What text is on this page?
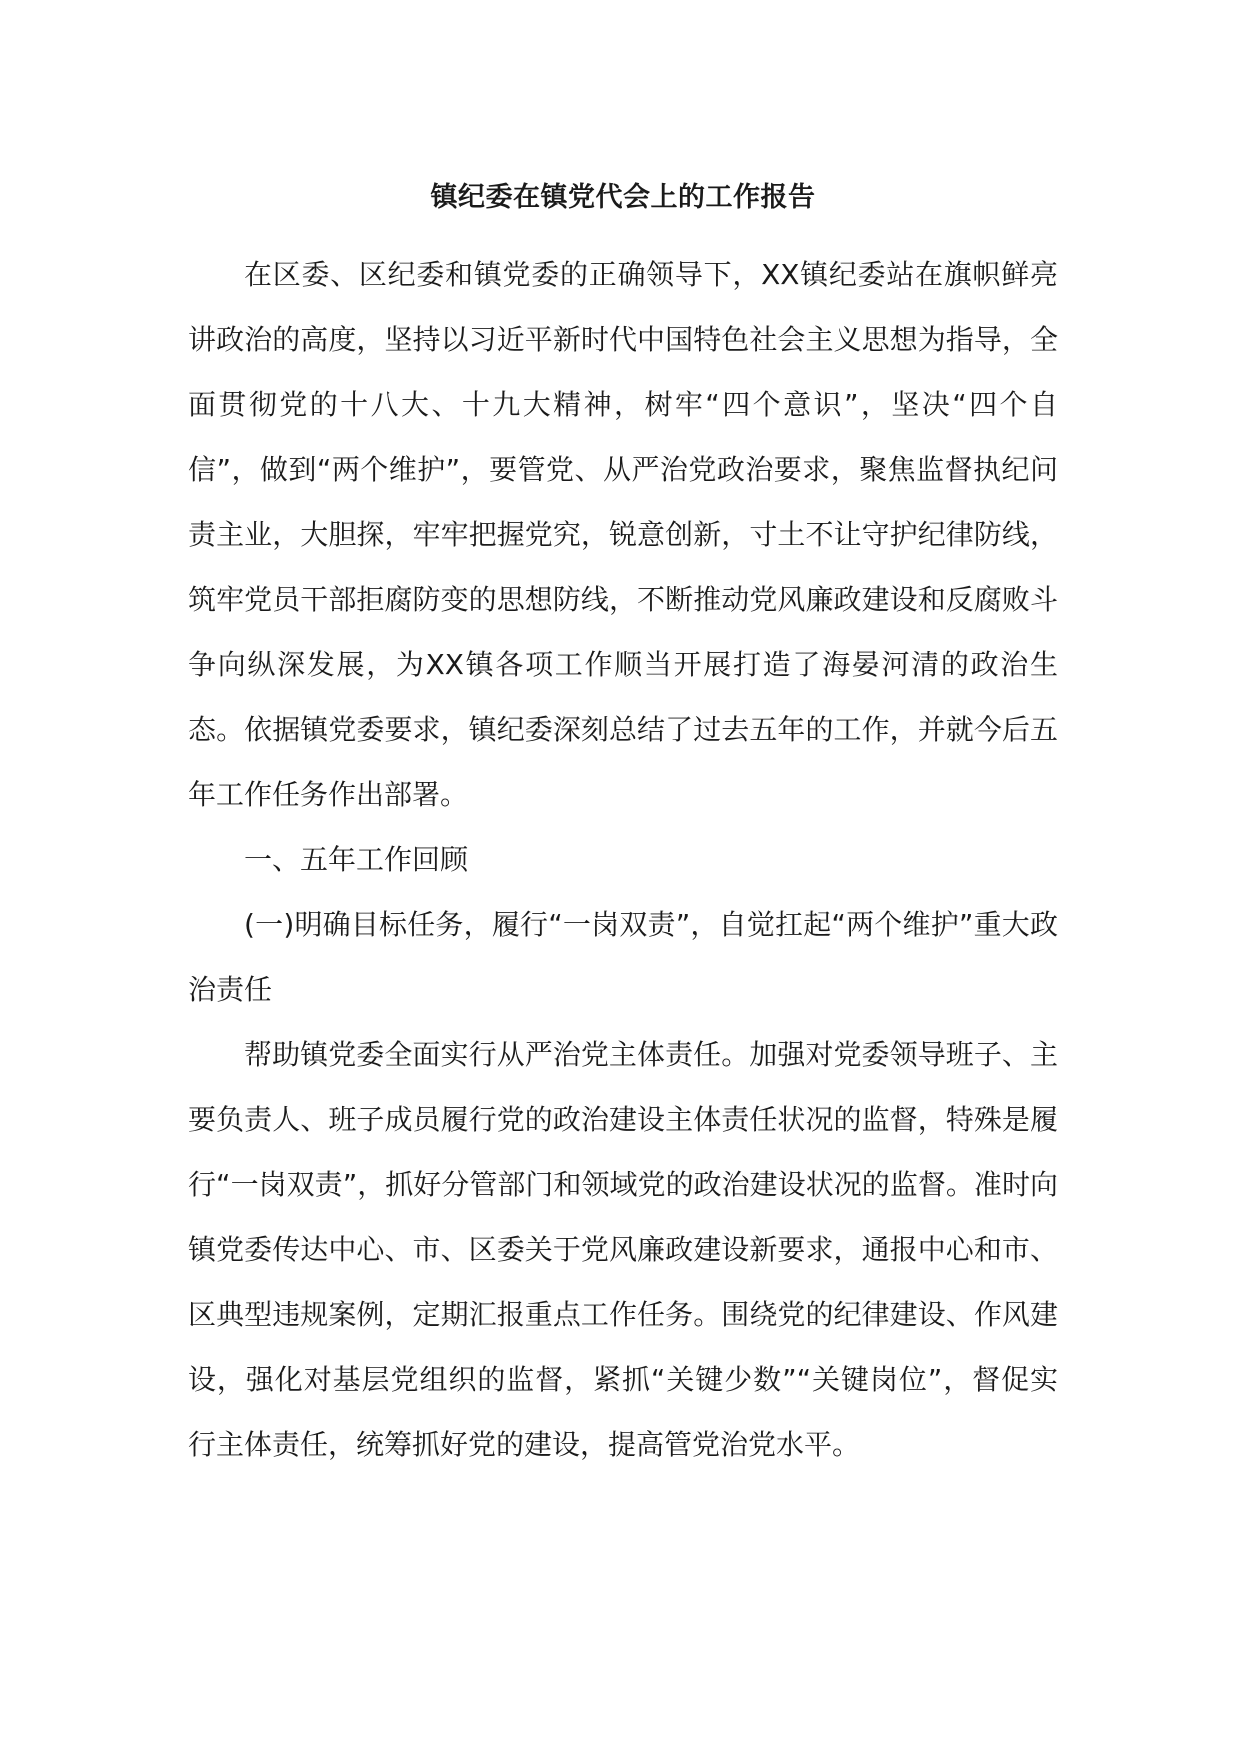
镇纪委在镇党代会上的工作报告

在区委、区纪委和镇党委的正确领导下，XX镇纪委站在旗帜鲜亮讲政治的高度，坚持以习近平新时代中国特色社会主义思想为指导，全面贯彻党的十八大、十九大精神，树牢“四个意识”，坚决“四个自信”，做到“两个维护”，要管党、从严治党政治要求，聚焦监督执纪问责主业，大胆探，牢牢把握党究，锐意创新，寸土不让守护纪律防线，筑牢党员干部拒腐防变的思想防线，不断推动党风廉政建设和反腐败斗争向纵深发展，为XX镇各项工作顺当开展打造了海晏河清的政治生态。依据镇党委要求，镇纪委深刻总结了过去五年的工作，并就今后五年工作任务作出部署。

一、五年工作回顾

(一)明确目标任务，履行“一岗双责”，自觉扛起“两个维护”重大政治责任

帮助镇党委全面实行从严治党主体责任。加强对党委领导班子、主要负责人、班子成员履行党的政治建设主体责任状况的监督，特殊是履行“一岗双责”，抓好分管部门和领域党的政治建设状况的监督。准时向镇党委传达中心、市、区委关于党风廉政建设新要求，通报中心和市、区典型违规案例，定期汇报重点工作任务。围绕党的纪律建设、作风建设，强化对基层党组织的监督，紧抓“关键少数”“关键岗位”，督促实行主体责任，统筹抓好党的建设，提高管党治党水平。
